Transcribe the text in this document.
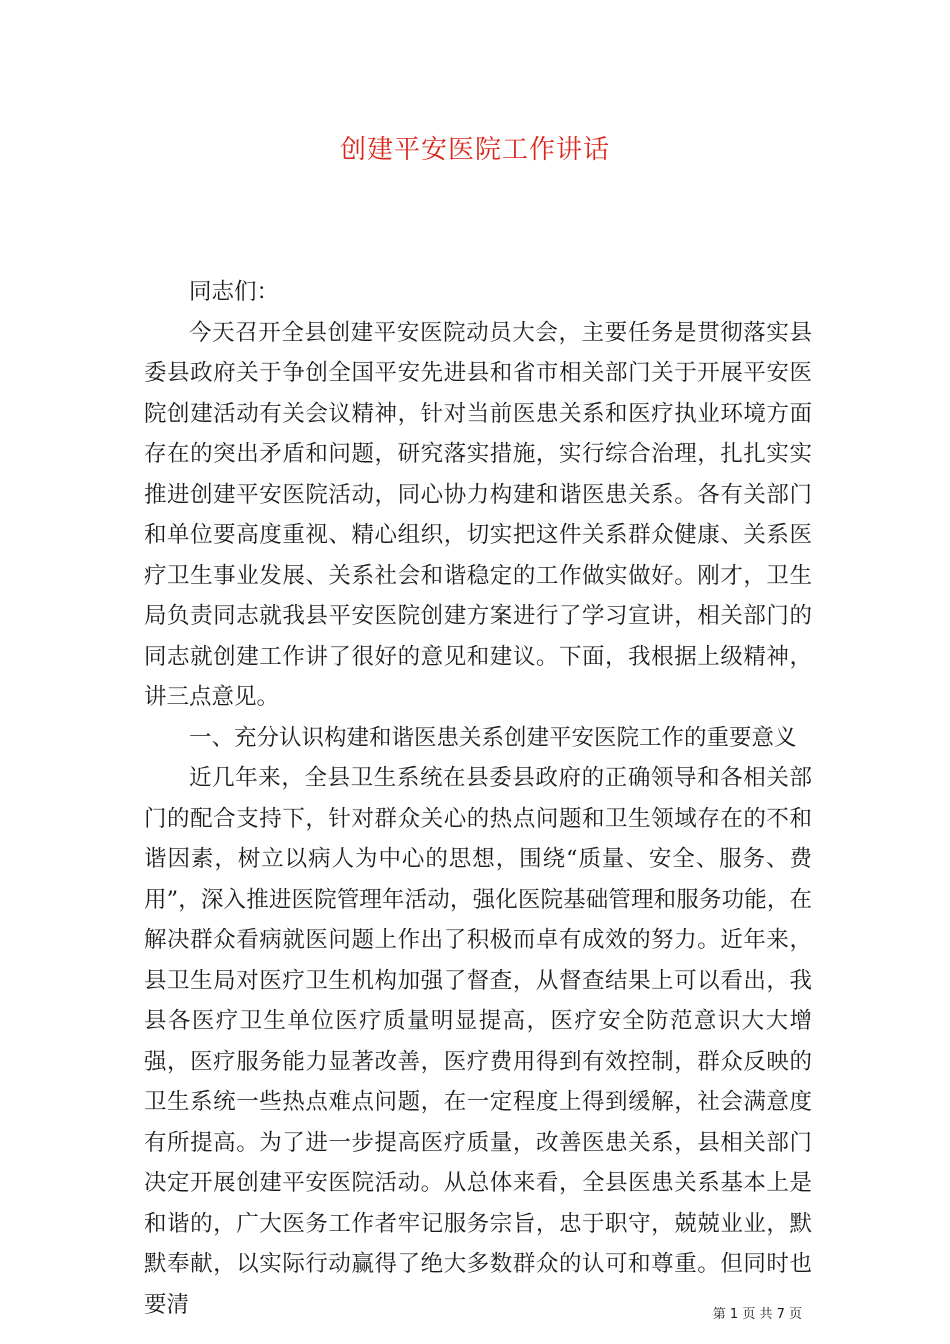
创建平安医院工作讲话

同志们：

今天召开全县创建平安医院动员大会，主要任务是贯彻落实县委县政府关于争创全国平安先进县和省市相关部门关于开展平安医院创建活动有关会议精神，针对当前医患关系和医疗执业环境方面存在的突出矛盾和问题，研究落实措施，实行综合治理，扎扎实实推进创建平安医院活动，同心协力构建和谐医患关系。各有关部门和单位要高度重视、精心组织，切实把这件关系群众健康、关系医疗卫生事业发展、关系社会和谐稳定的工作做实做好。刚才，卫生局负责同志就我县平安医院创建方案进行了学习宣讲，相关部门的同志就创建工作讲了很好的意见和建议。下面，我根据上级精神，讲三点意见。

一、充分认识构建和谐医患关系创建平安医院工作的重要意义

近几年来，全县卫生系统在县委县政府的正确领导和各相关部门的配合支持下，针对群众关心的热点问题和卫生领域存在的不和谐因素，树立以病人为中心的思想，围绕“质量、安全、服务、费用”，深入推进医院管理年活动，强化医院基础管理和服务功能，在解决群众看病就医问题上作出了积极而卓有成效的努力。近年来，县卫生局对医疗卫生机构加强了督查，从督查结果上可以看出，我县各医疗卫生单位医疗质量明显提高，医疗安全防范意识大大增强，医疗服务能力显著改善，医疗费用得到有效控制，群众反映的卫生系统一些热点难点问题，在一定程度上得到缓解，社会满意度有所提高。为了进一步提高医疗质量，改善医患关系，县相关部门决定开展创建平安医院活动。从总体来看，全县医患关系基本上是和谐的，广大医务工作者牢记服务宗旨，忠于职守，兢兢业业，默默奉献，以实际行动赢得了绝大多数群众的认可和尊重。但同时也要清	第 1 页 共 7 页
